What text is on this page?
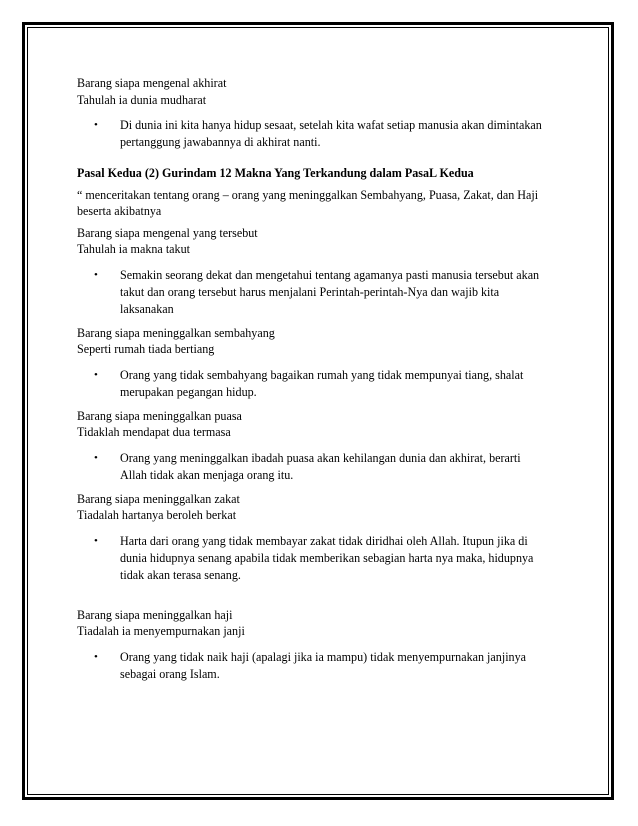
Barang siapa mengenal akhirat
Tahulah ia dunia mudharat
• Di dunia ini kita hanya hidup sesaat, setelah kita wafat setiap manusia akan dimintakan
pertanggung jawabannya di akhirat nanti.
Pasal Kedua (2) Gurindam 12 Makna Yang Terkandung dalam PasaL Kedua
“ menceritakan tentang orang – orang yang meninggalkan Sembahyang, Puasa, Zakat, dan Haji
beserta akibatnya
Barang siapa mengenal yang tersebut
Tahulah ia makna takut
• Semakin seorang dekat dan mengetahui tentang agamanya pasti manusia tersebut akan
takut dan orang tersebut harus menjalani Perintah-perintah-Nya dan wajib kita
laksanakan
Barang siapa meninggalkan sembahyang
Seperti rumah tiada bertiang
• Orang yang tidak sembahyang bagaikan rumah yang tidak mempunyai tiang, shalat
merupakan pegangan hidup.
Barang siapa meninggalkan puasa
Tidaklah mendapat dua termasa
• Orang yang meninggalkan ibadah puasa akan kehilangan dunia dan akhirat, berarti
Allah tidak akan menjaga orang itu.
Barang siapa meninggalkan zakat
Tiadalah hartanya beroleh berkat
• Harta dari orang yang tidak membayar zakat tidak diridhai oleh Allah. Itupun jika di
dunia hidupnya senang apabila tidak memberikan sebagian harta nya maka, hidupnya
tidak akan terasa senang.
Barang siapa meninggalkan haji
Tiadalah ia menyempurnakan janji
• Orang yang tidak naik haji (apalagi jika ia mampu) tidak menyempurnakan janjinya
sebagai orang Islam.
